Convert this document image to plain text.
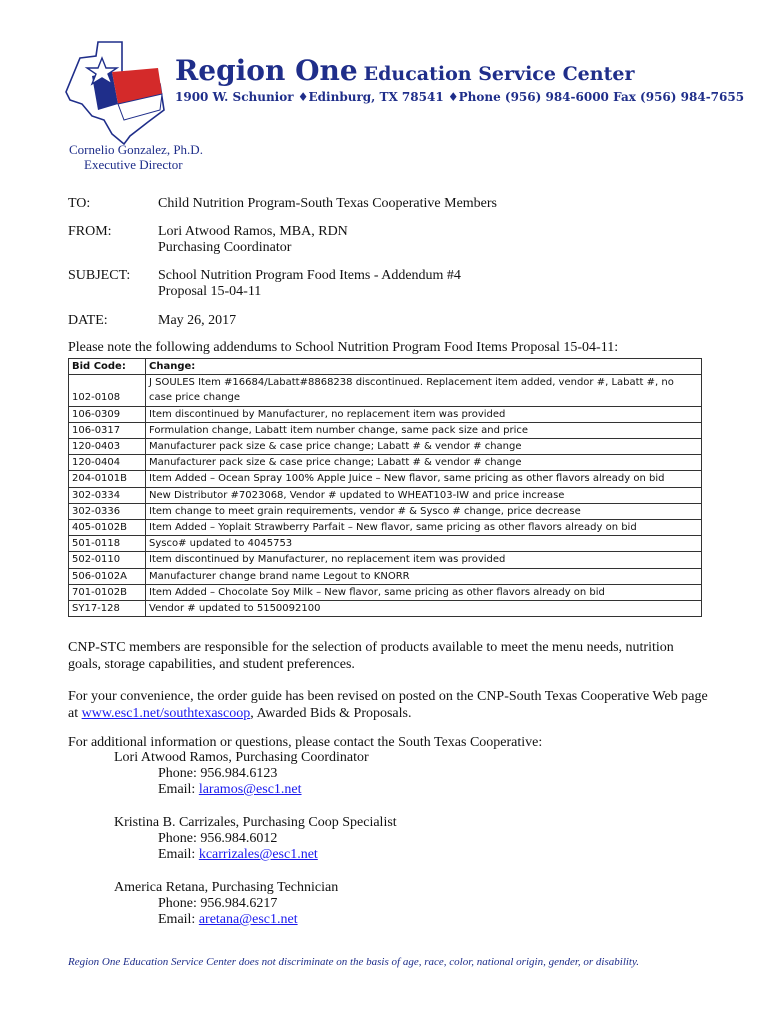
Region One Education Service Center
1900 W. Schunior ♦Edinburg, TX 78541 ♦Phone (956) 984-6000 Fax (956) 984-7655
Cornelio Gonzalez, Ph.D.
Executive Director
TO:	Child Nutrition Program-South Texas Cooperative Members
FROM:	Lori Atwood Ramos, MBA, RDN
Purchasing Coordinator
SUBJECT: School Nutrition Program Food Items - Addendum #4
Proposal 15-04-11
DATE:	May 26, 2017
Please note the following addendums to School Nutrition Program Food Items Proposal 15-04-11:
Bid Code:	Change:
102-0108	J SOULES Item #16684/Labatt#8868238 discontinued. Replacement item added, vendor #, Labatt #, no case price change
106-0309	Item discontinued by Manufacturer, no replacement item was provided
106-0317	Formulation change, Labatt item number change, same pack size and price
120-0403	Manufacturer pack size & case price change; Labatt # & vendor # change
120-0404	Manufacturer pack size & case price change; Labatt # & vendor # change
204-0101B	Item Added – Ocean Spray 100% Apple Juice – New flavor, same pricing as other flavors already on bid
302-0334	New Distributor #7023068, Vendor # updated to WHEAT103-IW and price increase
302-0336	Item change to meet grain requirements, vendor # & Sysco # change, price decrease
405-0102B	Item Added – Yoplait Strawberry Parfait – New flavor, same pricing as other flavors already on bid
501-0118	Sysco# updated to 4045753
502-0110	Item discontinued by Manufacturer, no replacement item was provided
506-0102A	Manufacturer change brand name Legout to KNORR
701-0102B	Item Added – Chocolate Soy Milk – New flavor, same pricing as other flavors already on bid
SY17-128	Vendor # updated to 5150092100
CNP-STC members are responsible for the selection of products available to meet the menu needs, nutrition goals, storage capabilities, and student preferences.
For your convenience, the order guide has been revised on posted on the CNP-South Texas Cooperative Web page at www.esc1.net/southtexascoop, Awarded Bids & Proposals.
For additional information or questions, please contact the South Texas Cooperative:
Lori Atwood Ramos, Purchasing Coordinator
Phone: 956.984.6123
Email: laramos@esc1.net
Kristina B. Carrizales, Purchasing Coop Specialist
Phone: 956.984.6012
Email: kcarrizales@esc1.net
America Retana, Purchasing Technician
Phone: 956.984.6217
Email: aretana@esc1.net
Region One Education Service Center does not discriminate on the basis of age, race, color, national origin, gender, or disability.
